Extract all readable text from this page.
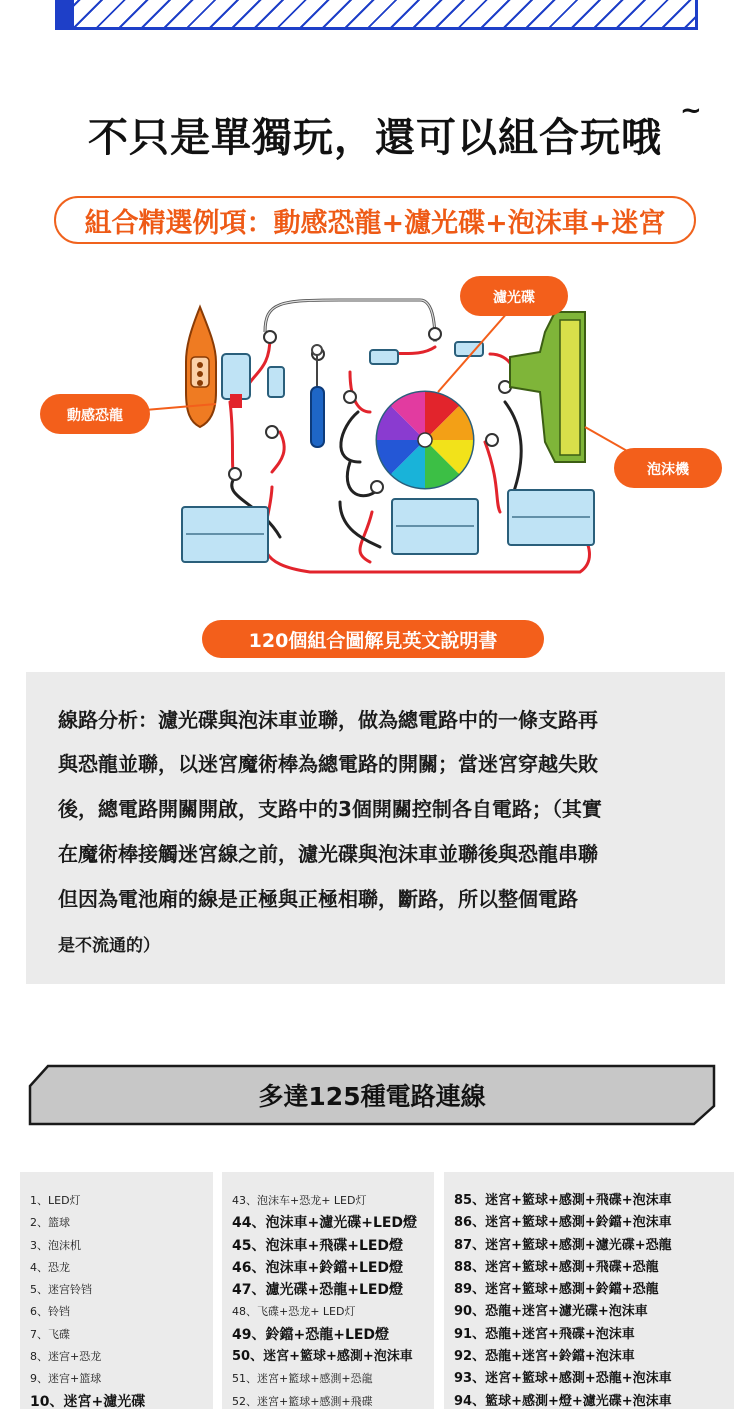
不只是單獨玩，還可以組合玩哦
~
組合精選例項：動感恐龍+濾光碟+泡沫車+迷宮
動感恐龍
濾光碟
泡沫機
120個組合圖解見英文說明書
線路分析：濾光碟與泡沫車並聯，做為總電路中的一條支路再
與恐龍並聯，以迷宮魔術棒為總電路的開關；當迷宮穿越失敗
後，總電路開關開啟，支路中的3個開關控制各自電路；（其實
在魔術棒接觸迷宮線之前，濾光碟與泡沫車並聯後與恐龍串聯
但因為電池廂的線是正極與正極相聯，斷路，所以整個電路
是不流通的）
多達125種電路連線
1、LED灯
2、篮球
3、泡沫机
4、恐龙
5、迷宫铃铛
6、铃铛
7、飞碟
8、迷宫+恐龙
9、迷宫+篮球
10、迷宮+濾光碟
43、泡沫车+恐龙+ LED灯
44、泡沫車+濾光碟+LED燈
45、泡沫車+飛碟+LED燈
46、泡沫車+鈴鐺+LED燈
47、濾光碟+恐龍+LED燈
48、飞碟+恐龙+ LED灯
49、鈴鐺+恐龍+LED燈
50、迷宮+籃球+感測+泡沫車
51、迷宮+籃球+感測+恐龍
52、迷宮+籃球+感測+飛碟
85、迷宮+籃球+感測+飛碟+泡沫車
86、迷宮+籃球+感測+鈴鐺+泡沫車
87、迷宮+籃球+感測+濾光碟+恐龍
88、迷宮+籃球+感測+飛碟+恐龍
89、迷宮+籃球+感測+鈴鐺+恐龍
90、恐龍+迷宮+濾光碟+泡沫車
91、恐龍+迷宮+飛碟+泡沫車
92、恐龍+迷宮+鈴鐺+泡沫車
93、迷宮+籃球+感測+恐龍+泡沫車
94、籃球+感測+燈+濾光碟+泡沫車
